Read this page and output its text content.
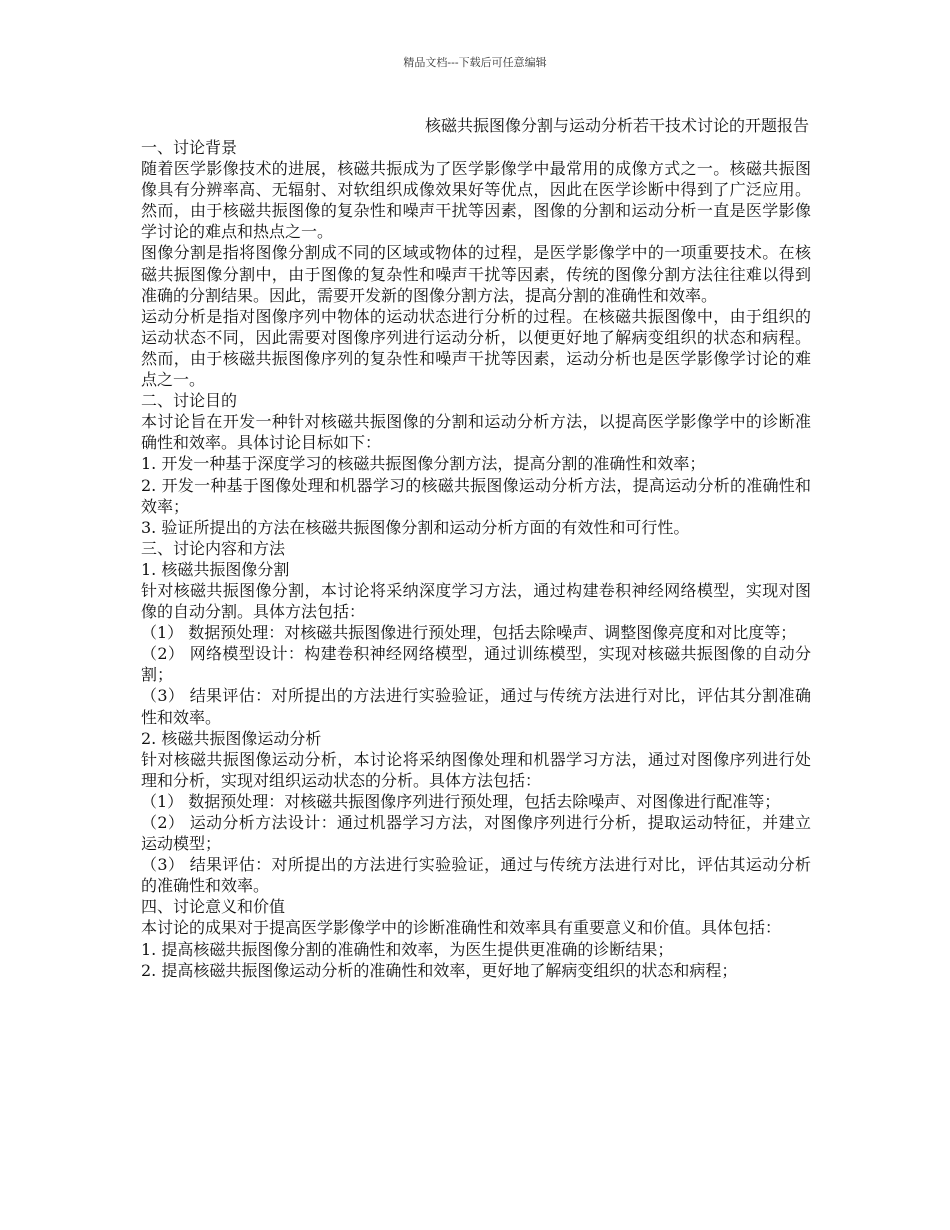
精品文档---下载后可任意编辑
核磁共振图像分割与运动分析若干技术讨论的开题报告

一、讨论背景

随着医学影像技术的进展，核磁共振成为了医学影像学中最常用的成像方式之一。核磁共振图像具有分辨率高、无辐射、对软组织成像效果好等优点，因此在医学诊断中得到了广泛应用。然而，由于核磁共振图像的复杂性和噪声干扰等因素，图像的分割和运动分析一直是医学影像学讨论的难点和热点之一。

图像分割是指将图像分割成不同的区域或物体的过程，是医学影像学中的一项重要技术。在核磁共振图像分割中，由于图像的复杂性和噪声干扰等因素，传统的图像分割方法往往难以得到准确的分割结果。因此，需要开发新的图像分割方法，提高分割的准确性和效率。

运动分析是指对图像序列中物体的运动状态进行分析的过程。在核磁共振图像中，由于组织的运动状态不同，因此需要对图像序列进行运动分析，以便更好地了解病变组织的状态和病程。然而，由于核磁共振图像序列的复杂性和噪声干扰等因素，运动分析也是医学影像学讨论的难点之一。

二、讨论目的

本讨论旨在开发一种针对核磁共振图像的分割和运动分析方法，以提高医学影像学中的诊断准确性和效率。具体讨论目标如下：

1. 开发一种基于深度学习的核磁共振图像分割方法，提高分割的准确性和效率；

2. 开发一种基于图像处理和机器学习的核磁共振图像运动分析方法，提高运动分析的准确性和效率；

3. 验证所提出的方法在核磁共振图像分割和运动分析方面的有效性和可行性。

三、讨论内容和方法

1. 核磁共振图像分割

针对核磁共振图像分割，本讨论将采纳深度学习方法，通过构建卷积神经网络模型，实现对图像的自动分割。具体方法包括：

（1） 数据预处理：对核磁共振图像进行预处理，包括去除噪声、调整图像亮度和对比度等；

（2） 网络模型设计：构建卷积神经网络模型，通过训练模型，实现对核磁共振图像的自动分割；

（3） 结果评估：对所提出的方法进行实验验证，通过与传统方法进行对比，评估其分割准确性和效率。

2. 核磁共振图像运动分析

针对核磁共振图像运动分析，本讨论将采纳图像处理和机器学习方法，通过对图像序列进行处理和分析，实现对组织运动状态的分析。具体方法包括：

（1） 数据预处理：对核磁共振图像序列进行预处理，包括去除噪声、对图像进行配准等；

（2） 运动分析方法设计：通过机器学习方法，对图像序列进行分析，提取运动特征，并建立运动模型；

（3） 结果评估：对所提出的方法进行实验验证，通过与传统方法进行对比，评估其运动分析的准确性和效率。

四、讨论意义和价值

本讨论的成果对于提高医学影像学中的诊断准确性和效率具有重要意义和价值。具体包括：

1. 提高核磁共振图像分割的准确性和效率，为医生提供更准确的诊断结果；

2. 提高核磁共振图像运动分析的准确性和效率，更好地了解病变组织的状态和病程；
